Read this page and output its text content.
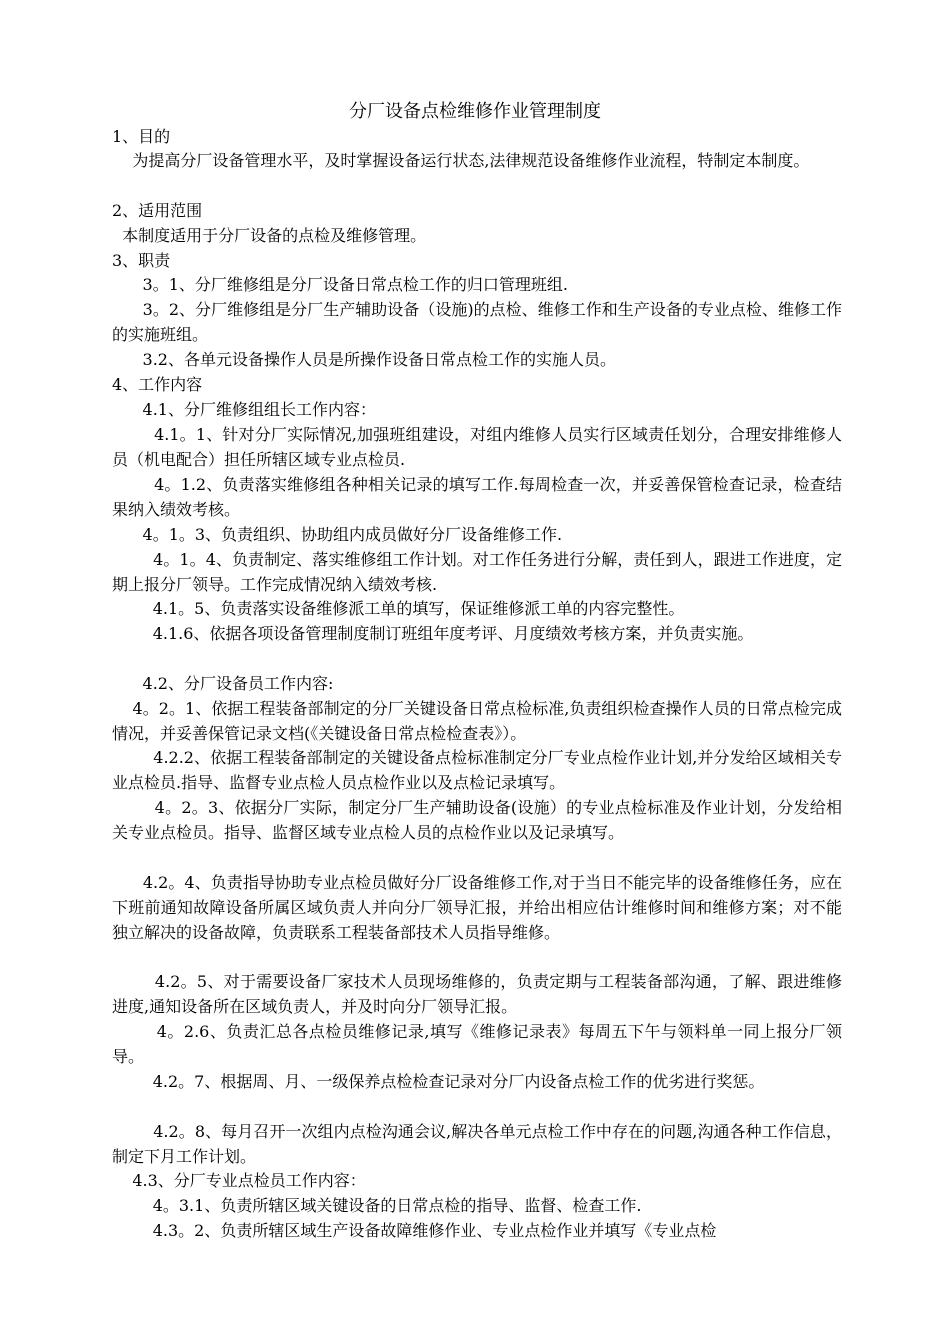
分厂设备点检维修作业管理制度
1、目的
为提高分厂设备管理水平，及时掌握设备运行状态,法律规范设备维修作业流程，特制定本制度。
2、适用范围
本制度适用于分厂设备的点检及维修管理。
3、职责
3。1、分厂维修组是分厂设备日常点检工作的归口管理班组.
3。2、分厂维修组是分厂生产辅助设备（设施)的点检、维修工作和生产设备的专业点检、维修工作的实施班组。
3.2、各单元设备操作人员是所操作设备日常点检工作的实施人员。
4、工作内容
4.1、分厂维修组组长工作内容：
4.1。1、针对分厂实际情况,加强班组建设，对组内维修人员实行区域责任划分，合理安排维修人员（机电配合）担任所辖区域专业点检员.
4。1.2、负责落实维修组各种相关记录的填写工作.每周检查一次，并妥善保管检查记录，检查结果纳入绩效考核。
4。1。3、负责组织、协助组内成员做好分厂设备维修工作.
4。1。4、负责制定、落实维修组工作计划。对工作任务进行分解，责任到人，跟进工作进度，定期上报分厂领导。工作完成情况纳入绩效考核.
4.1。5、负责落实设备维修派工单的填写，保证维修派工单的内容完整性。
4.1.6、依据各项设备管理制度制订班组年度考评、月度绩效考核方案，并负责实施。
4.2、分厂设备员工作内容:
4。2。1、依据工程装备部制定的分厂关键设备日常点检标准,负责组织检查操作人员的日常点检完成情况，并妥善保管记录文档(《关键设备日常点检检查表》）。
4.2.2、依据工程装备部制定的关键设备点检标准制定分厂专业点检作业计划,并分发给区域相关专业点检员.指导、监督专业点检人员点检作业以及点检记录填写。
4。2。3、依据分厂实际，制定分厂生产辅助设备(设施）的专业点检标准及作业计划，分发给相关专业点检员。指导、监督区域专业点检人员的点检作业以及记录填写。
4.2。4、负责指导协助专业点检员做好分厂设备维修工作,对于当日不能完毕的设备维修任务，应在下班前通知故障设备所属区域负责人并向分厂领导汇报，并给出相应估计维修时间和维修方案；对不能独立解决的设备故障，负责联系工程装备部技术人员指导维修。
4.2。5、对于需要设备厂家技术人员现场维修的，负责定期与工程装备部沟通，了解、跟进维修进度,通知设备所在区域负责人，并及时向分厂领导汇报。
4。2.6、负责汇总各点检员维修记录,填写《维修记录表》每周五下午与领料单一同上报分厂领导。
4.2。7、根据周、月、一级保养点检检查记录对分厂内设备点检工作的优劣进行奖惩。
4.2。8、每月召开一次组内点检沟通会议,解决各单元点检工作中存在的问题,沟通各种工作信息，制定下月工作计划。
4.3、分厂专业点检员工作内容：
4。3.1、负责所辖区域关键设备的日常点检的指导、监督、检查工作.
4.3。2、负责所辖区域生产设备故障维修作业、专业点检作业并填写《专业点检
